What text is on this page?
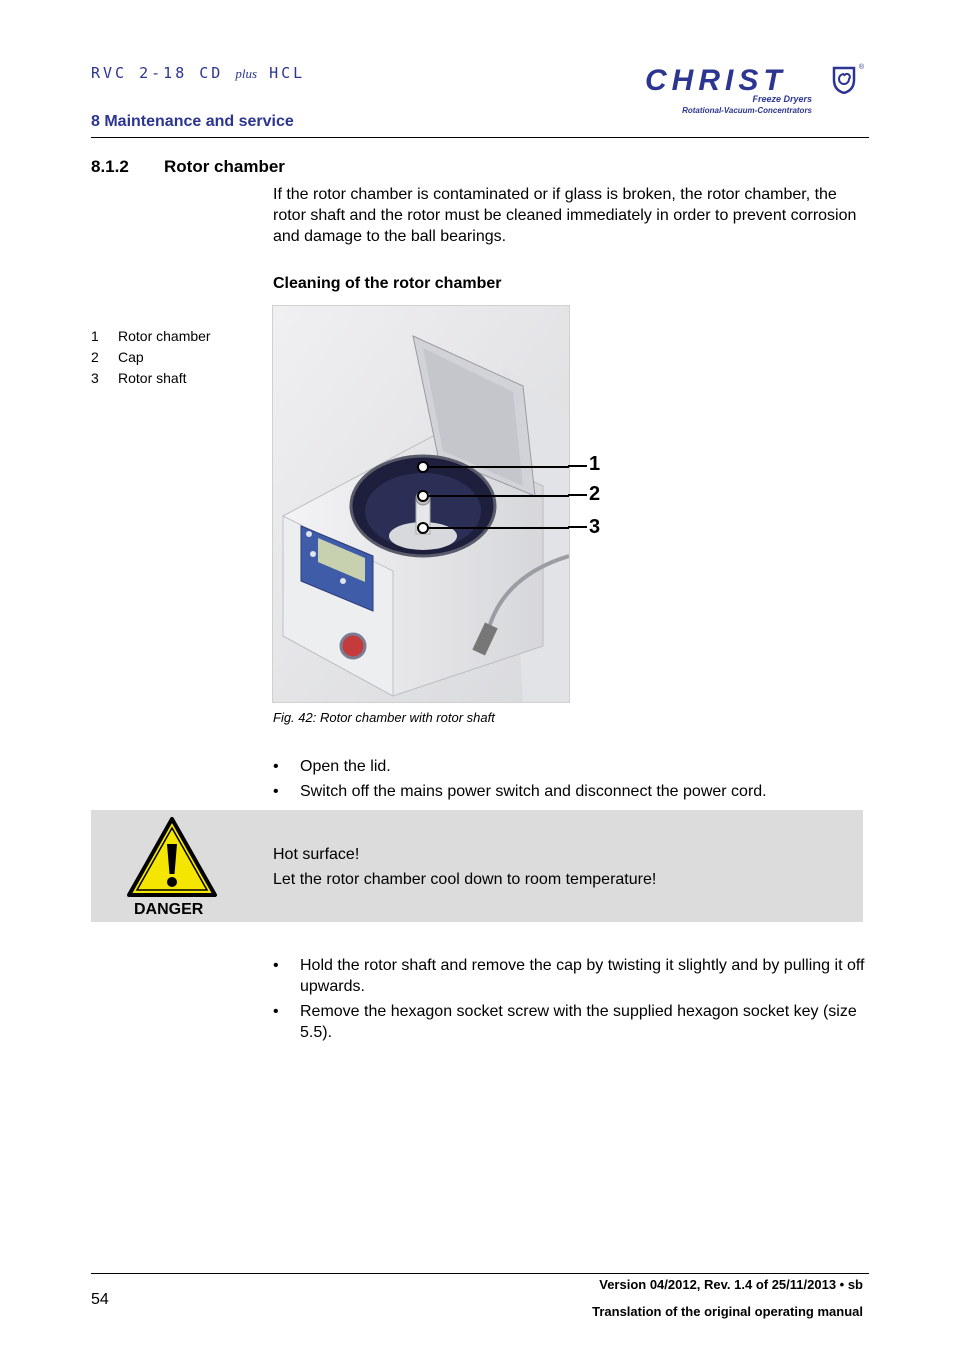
RVC 2-18 CD plus HCL
8 Maintenance and service
CHRIST
Freeze Dryers
Rotational-Vacuum-Concentrators
®
8.1.2 Rotor chamber
If the rotor chamber is contaminated or if glass is broken, the rotor chamber, the rotor shaft and the rotor must be cleaned immediately in order to prevent corrosion and damage to the ball bearings.
Cleaning of the rotor chamber
1	Rotor chamber
2	Cap
3	Rotor shaft
1
2
3
Fig. 42: Rotor chamber with rotor shaft
•	Open the lid.
•	Switch off the mains power switch and disconnect the power cord.
DANGER
Hot surface!
Let the rotor chamber cool down to room temperature!
•	Hold the rotor shaft and remove the cap by twisting it slightly and by pulling it off upwards.
•	Remove the hexagon socket screw with the supplied hexagon socket key (size 5.5).
54
Version 04/2012, Rev. 1.4 of 25/11/2013 • sb
Translation of the original operating manual
